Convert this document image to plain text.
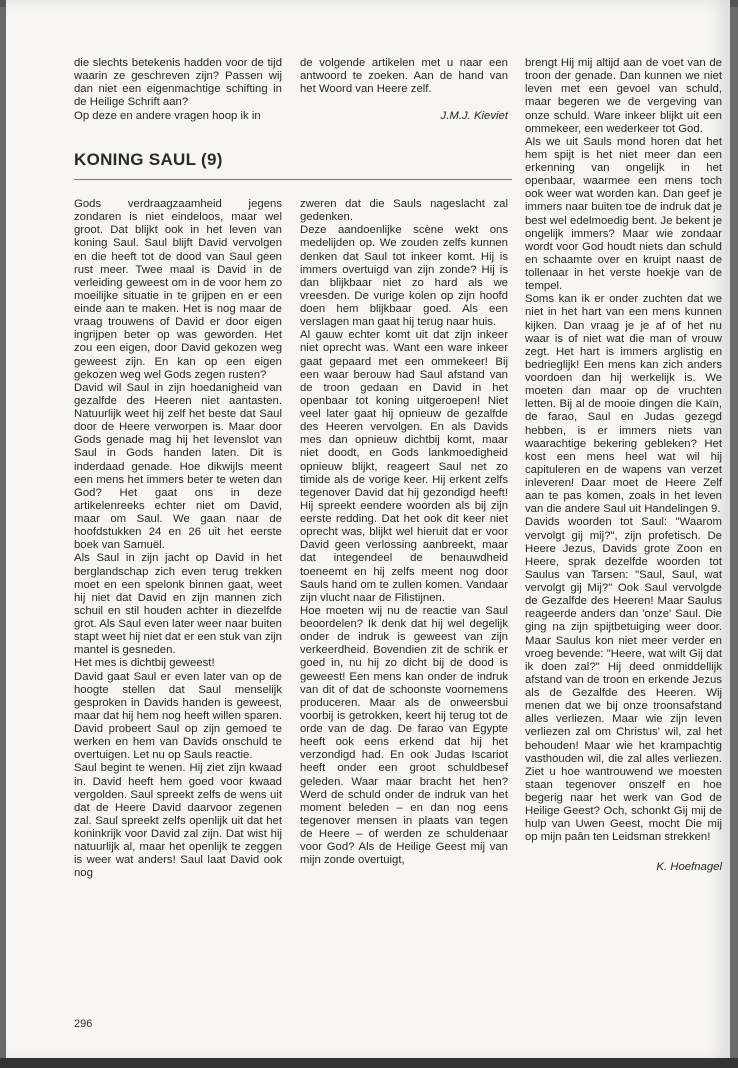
die slechts betekenis hadden voor de tijd waarin ze geschreven zijn? Passen wij dan niet een eigenmachtige schifting in de Heilige Schrift aan?

Op deze en andere vragen hoop ik in

de volgende artikelen met u naar een antwoord te zoeken. Aan de hand van het Woord van Heere zelf.

J.M.J. Kieviet

KONING SAUL (9)

Gods verdraagzaamheid jegens zondaren is niet eindeloos, maar wel groot. Dat blijkt ook in het leven van koning Saul. Saul blijft David vervolgen en die heeft tot de dood van Saul geen rust meer. Twee maal is David in de verleiding geweest om in de voor hem zo moeilijke situatie in te grijpen en er een einde aan te maken. Het is nog maar de vraag trouwens of David er door eigen ingrijpen beter op was geworden. Het zou een eigen, door David gekozen weg geweest zijn. En kan op een eigen gekozen weg wel Gods zegen rusten?

David wil Saul in zijn hoedanigheid van gezalfde des Heeren niet aantasten. Natuurlijk weet hij zelf het beste dat Saul door de Heere verworpen is. Maar door Gods genade mag hij het levenslot van Saul in Gods handen laten. Dit is inderdaad genade. Hoe dikwijls meent een mens het immers beter te weten dan God? Het gaat ons in deze artikelenreeks echter niet om David, maar om Saul. We gaan naar de hoofdstukken 24 en 26 uit het eerste boek van Samuël.

Als Saul in zijn jacht op David in het berglandschap zich even terug trekken moet en een spelonk binnen gaat, weet hij niet dat David en zijn mannen zich schuil en stil houden achter in diezelfde grot. Als Saul even later weer naar buiten stapt weet hij niet dat er een stuk van zijn mantel is gesneden.

Het mes is dichtbij geweest!

David gaat Saul er even later van op de hoogte stellen dat Saul menselijk gesproken in Davids handen is geweest, maar dat hij hem nog heeft willen sparen. David probeert Saul op zijn gemoed te werken en hem van Davids onschuld te overtuigen. Let nu op Sauls reactie.

Saul begint te wenen. Hij ziet zijn kwaad in. David heeft hem goed voor kwaad vergolden. Saul spreekt zelfs de wens uit dat de Heere David daarvoor zegenen zal. Saul spreekt zelfs openlijk uit dat het koninkrijk voor David zal zijn. Dat wist hij natuurlijk al, maar het openlijk te zeggen is weer wat anders! Saul laat David ook nog

zweren dat die Sauls nageslacht zal gedenken.

Deze aandoenlijke scène wekt ons medelijden op. We zouden zelfs kunnen denken dat Saul tot inkeer komt. Hij is immers overtuigd van zijn zonde? Hij is dan blijkbaar niet zo hard als we vreesden. De vurige kolen op zijn hoofd doen hem blijkbaar goed. Als een verslagen man gaat hij terug naar huis.

Al gauw echter komt uit dat zijn inkeer niet oprecht was. Want een ware inkeer gaat gepaard met een ommekeer! Bij een waar berouw had Saul afstand van de troon gedaan en David in het openbaar tot koning uitgeroepen! Niet veel later gaat hij opnieuw de gezalfde des Heeren vervolgen. En als Davids mes dan opnieuw dichtbij komt, maar niet doodt, en Gods lankmoedigheid opnieuw blijkt, reageert Saul net zo timide als de vorige keer. Hij erkent zelfs tegenover David dat hij gezondigd heeft! Hij spreekt eendere woorden als bij zijn eerste redding. Dat het ook dit keer niet oprecht was, blijkt wel hieruit dat er voor David geen verlossing aanbreekt, maar dat integendeel de benauwdheid toeneemt en hij zelfs meent nog door Sauls hand om te zullen komen. Vandaar zijn vlucht naar de Filistijnen.

Hoe moeten wij nu de reactie van Saul beoordelen? Ik denk dat hij wel degelijk onder de indruk is geweest van zijn verkeerdheid. Bovendien zit de schrik er goed in, nu hij zo dicht bij de dood is geweest! Een mens kan onder de indruk van dit of dat de schoonste voornemens produceren. Maar als de onweersbui voorbij is getrokken, keert hij terug tot de orde van de dag. De farao van Egypte heeft ook eens erkend dat hij het verzondigd had. En ook Judas Iscariot heeft onder een groot schuldbesef geleden. Waar maar bracht het hen? Werd de schuld onder de indruk van het moment beleden – en dan nog eens tegenover mensen in plaats van tegen de Heere – of werden ze schuldenaar voor God? Als de Heilige Geest mij van mijn zonde overtuigt,

brengt Hij mij altijd aan de voet van de troon der genade. Dan kunnen we niet leven met een gevoel van schuld, maar begeren we de vergeving van onze schuld. Ware inkeer blijkt uit een ommekeer, een wederkeer tot God.

Als we uit Sauls mond horen dat het hem spijt is het niet meer dan een erkenning van ongelijk in het openbaar, waarmee een mens toch ook weer wat worden kan. Dan geef je immers naar buiten toe de indruk dat je best wel edelmoedig bent. Je bekent je ongelijk immers? Maar wie zondaar wordt voor God houdt niets dan schuld en schaamte over en kruipt naast de tollenaar in het verste hoekje van de tempel.

Soms kan ik er onder zuchten dat we niet in het hart van een mens kunnen kijken. Dan vraag je je af of het nu waar is of niet wat die man of vrouw zegt. Het hart is immers arglistig en bedrieglijk! Een mens kan zich anders voordoen dan hij werkelijk is. We moeten dan maar op de vruchten letten. Bij al de mooie dingen die Kaïn, de farao, Saul en Judas gezegd hebben, is er immers niets van waarachtige bekering gebleken? Het kost een mens heel wat wil hij capituleren en de wapens van verzet inleveren! Daar moet de Heere Zelf aan te pas komen, zoals in het leven van die andere Saul uit Handelingen 9.

Davids woorden tot Saul: "Waarom vervolgt gij mij?", zijn profetisch. De Heere Jezus, Davids grote Zoon en Heere, sprak dezelfde woorden tot Saulus van Tarsen: "Saul, Saul, wat vervolgt gij Mij?" Ook Saul vervolgde de Gezalfde des Heeren! Maar Saulus reageerde anders dan 'onze' Saul. Die ging na zijn spijtbetuiging weer door. Maar Saulus kon niet meer verder en vroeg bevende: "Heere, wat wilt Gij dat ik doen zal?" Hij deed onmiddellijk afstand van de troon en erkende Jezus als de Gezalfde des Heeren. Wij menen dat we bij onze troonsafstand alles verliezen. Maar wie zijn leven verliezen zal om Christus' wil, zal het behouden! Maar wie het krampachtig vasthouden wil, die zal alles verliezen. Ziet u hoe wantrouwend we moesten staan tegenover onszelf en hoe begerig naar het werk van God de Heilige Geest? Och, schonkt Gij mij de hulp van Uwen Geest, mocht Die mij op mijn paân ten Leidsman strekken!

K. Hoefnagel

296
